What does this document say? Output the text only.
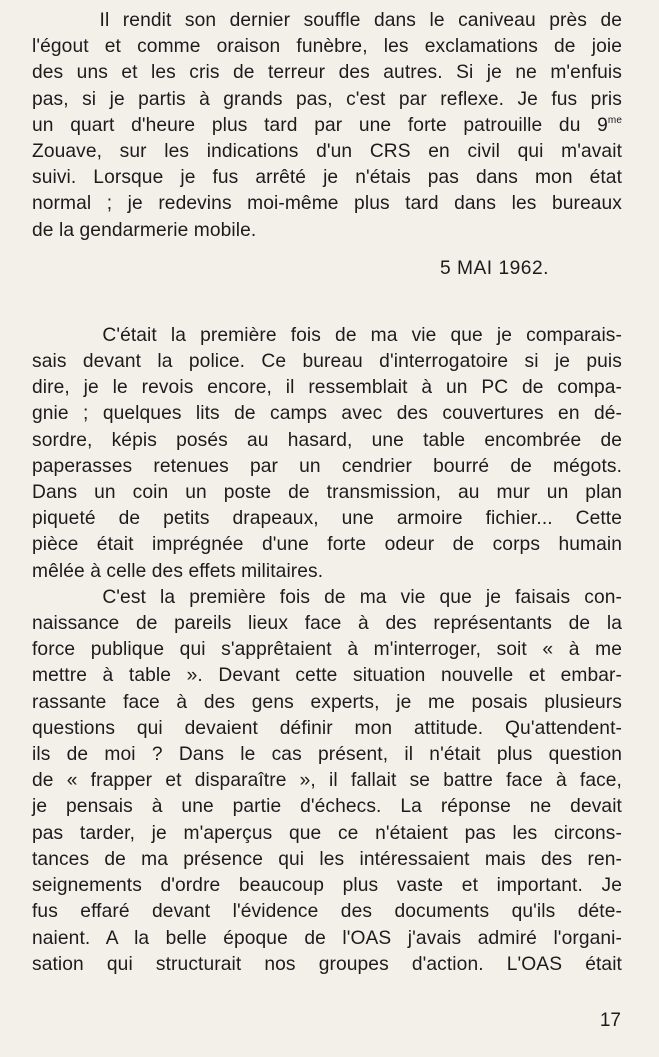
Il rendit son dernier souffle dans le caniveau près de
l'égout et comme oraison funèbre, les exclamations de joie
des uns et les cris de terreur des autres. Si je ne m'enfuis
pas, si je partis à grands pas, c'est par reflexe. Je fus pris
un quart d'heure plus tard par une forte patrouille du $9^{me}$
Zouave, sur les indications d'un CRS en civil qui m'avait
suivi. Lorsque je fus arrêté je n'étais pas dans mon état
normal ; je redevins moi-même plus tard dans les bureaux
de la gendarmerie mobile.
C'était la première fois de ma vie que je comparais-
sais devant la police. Ce bureau d'interrogatoire si je puis
dire, je le revois encore, il ressemblait à un PC de compa-
gnie ; quelques lits de camps avec des couvertures en dé-
sordre, képis posés au hasard, une table encombrée de
paperasses retenues par un cendrier bourré de mégots.
Dans un coin un poste de transmission, au mur un plan
piqueté de petits drapeaux, une armoire fichier... Cette
pièce était imprégnée d'une forte odeur de corps humain
mêlée à celle des effets militaires.
C'est la première fois de ma vie que je faisais con-
naissance de pareils lieux face à des représentants de la
force publique qui s'apprêtaient à m'interroger, soit « à me
mettre à table ». Devant cette situation nouvelle et embar-
rassante face à des gens experts, je me posais plusieurs
questions qui devaient définir mon attitude. Qu'attendent-
ils de moi ? Dans le cas présent, il n'était plus question
de « frapper et disparaître », il fallait se battre face à face,
je pensais à une partie d'échecs. La réponse ne devait
pas tarder, je m'aperçus que ce n'étaient pas les circons-
tances de ma présence qui les intéressaient mais des ren-
seignements d'ordre beaucoup plus vaste et important. Je
fus effaré devant l'évidence des documents qu'ils déte-
naient. A la belle époque de l'OAS j'avais admiré l'organi-
sation qui structurait nos groupes d'action. L'OAS était
5 MAI 1962.
17
